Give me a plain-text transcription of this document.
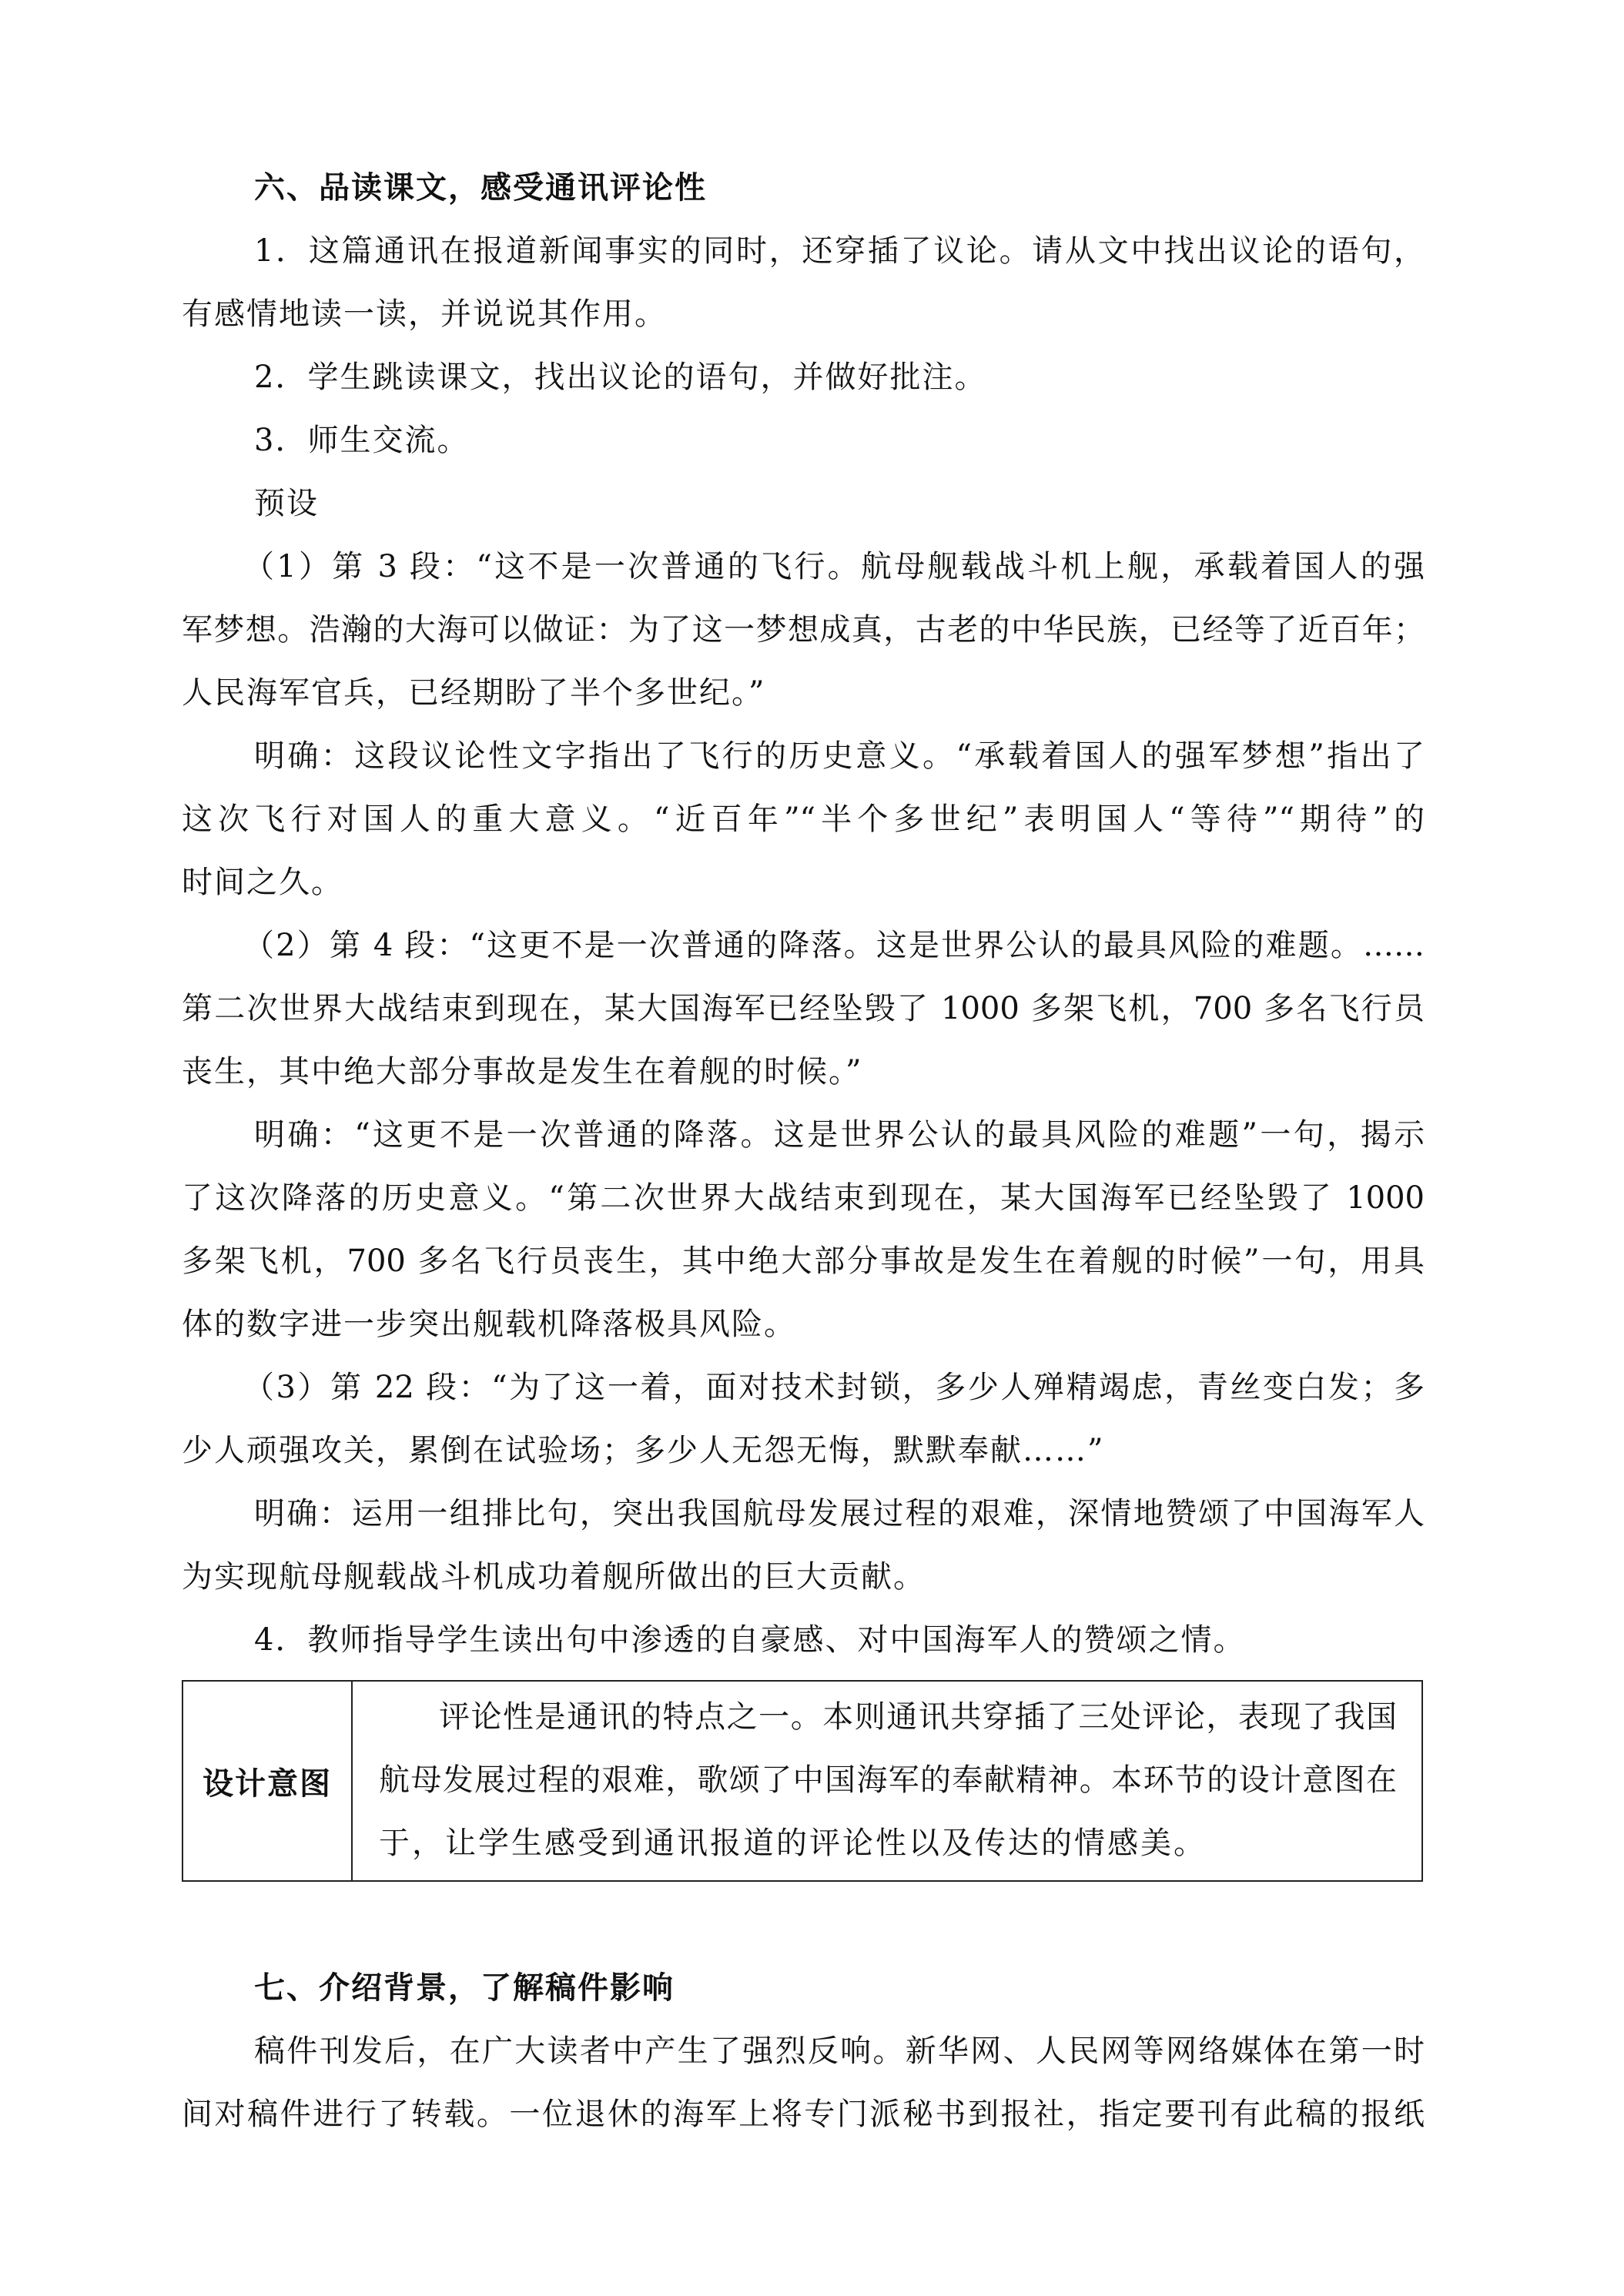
六、品读课文，感受通讯评论性
1．这篇通讯在报道新闻事实的同时，还穿插了议论。请从文中找出议论的语句，
有感情地读一读，并说说其作用。
2．学生跳读课文，找出议论的语句，并做好批注。
3．师生交流。
预设
（1）第 3 段：“这不是一次普通的飞行。航母舰载战斗机上舰，承载着国人的强
军梦想。浩瀚的大海可以做证：为了这一梦想成真，古老的中华民族，已经等了近百年；
人民海军官兵，已经期盼了半个多世纪。”
明确：这段议论性文字指出了飞行的历史意义。“承载着国人的强军梦想”指出了
这次飞行对国人的重大意义。“近百年”“半个多世纪”表明国人“等待”“期待”的
时间之久。
（2）第 4 段：“这更不是一次普通的降落。这是世界公认的最具风险的难题。……
第二次世界大战结束到现在，某大国海军已经坠毁了 1000 多架飞机，700 多名飞行员
丧生，其中绝大部分事故是发生在着舰的时候。”
明确：“这更不是一次普通的降落。这是世界公认的最具风险的难题”一句，揭示
了这次降落的历史意义。“第二次世界大战结束到现在，某大国海军已经坠毁了 1000
多架飞机，700 多名飞行员丧生，其中绝大部分事故是发生在着舰的时候”一句，用具
体的数字进一步突出舰载机降落极具风险。
（3）第 22 段：“为了这一着，面对技术封锁，多少人殚精竭虑，青丝变白发；多
少人顽强攻关，累倒在试验场；多少人无怨无悔，默默奉献……”
明确：运用一组排比句，突出我国航母发展过程的艰难，深情地赞颂了中国海军人
为实现航母舰载战斗机成功着舰所做出的巨大贡献。
4．教师指导学生读出句中渗透的自豪感、对中国海军人的赞颂之情。
设计意图
评论性是通讯的特点之一。本则通讯共穿插了三处评论，表现了我国
航母发展过程的艰难，歌颂了中国海军的奉献精神。本环节的设计意图在
于，让学生感受到通讯报道的评论性以及传达的情感美。
七、介绍背景，了解稿件影响
稿件刊发后，在广大读者中产生了强烈反响。新华网、人民网等网络媒体在第一时
间对稿件进行了转载。一位退休的海军上将专门派秘书到报社，指定要刊有此稿的报纸
